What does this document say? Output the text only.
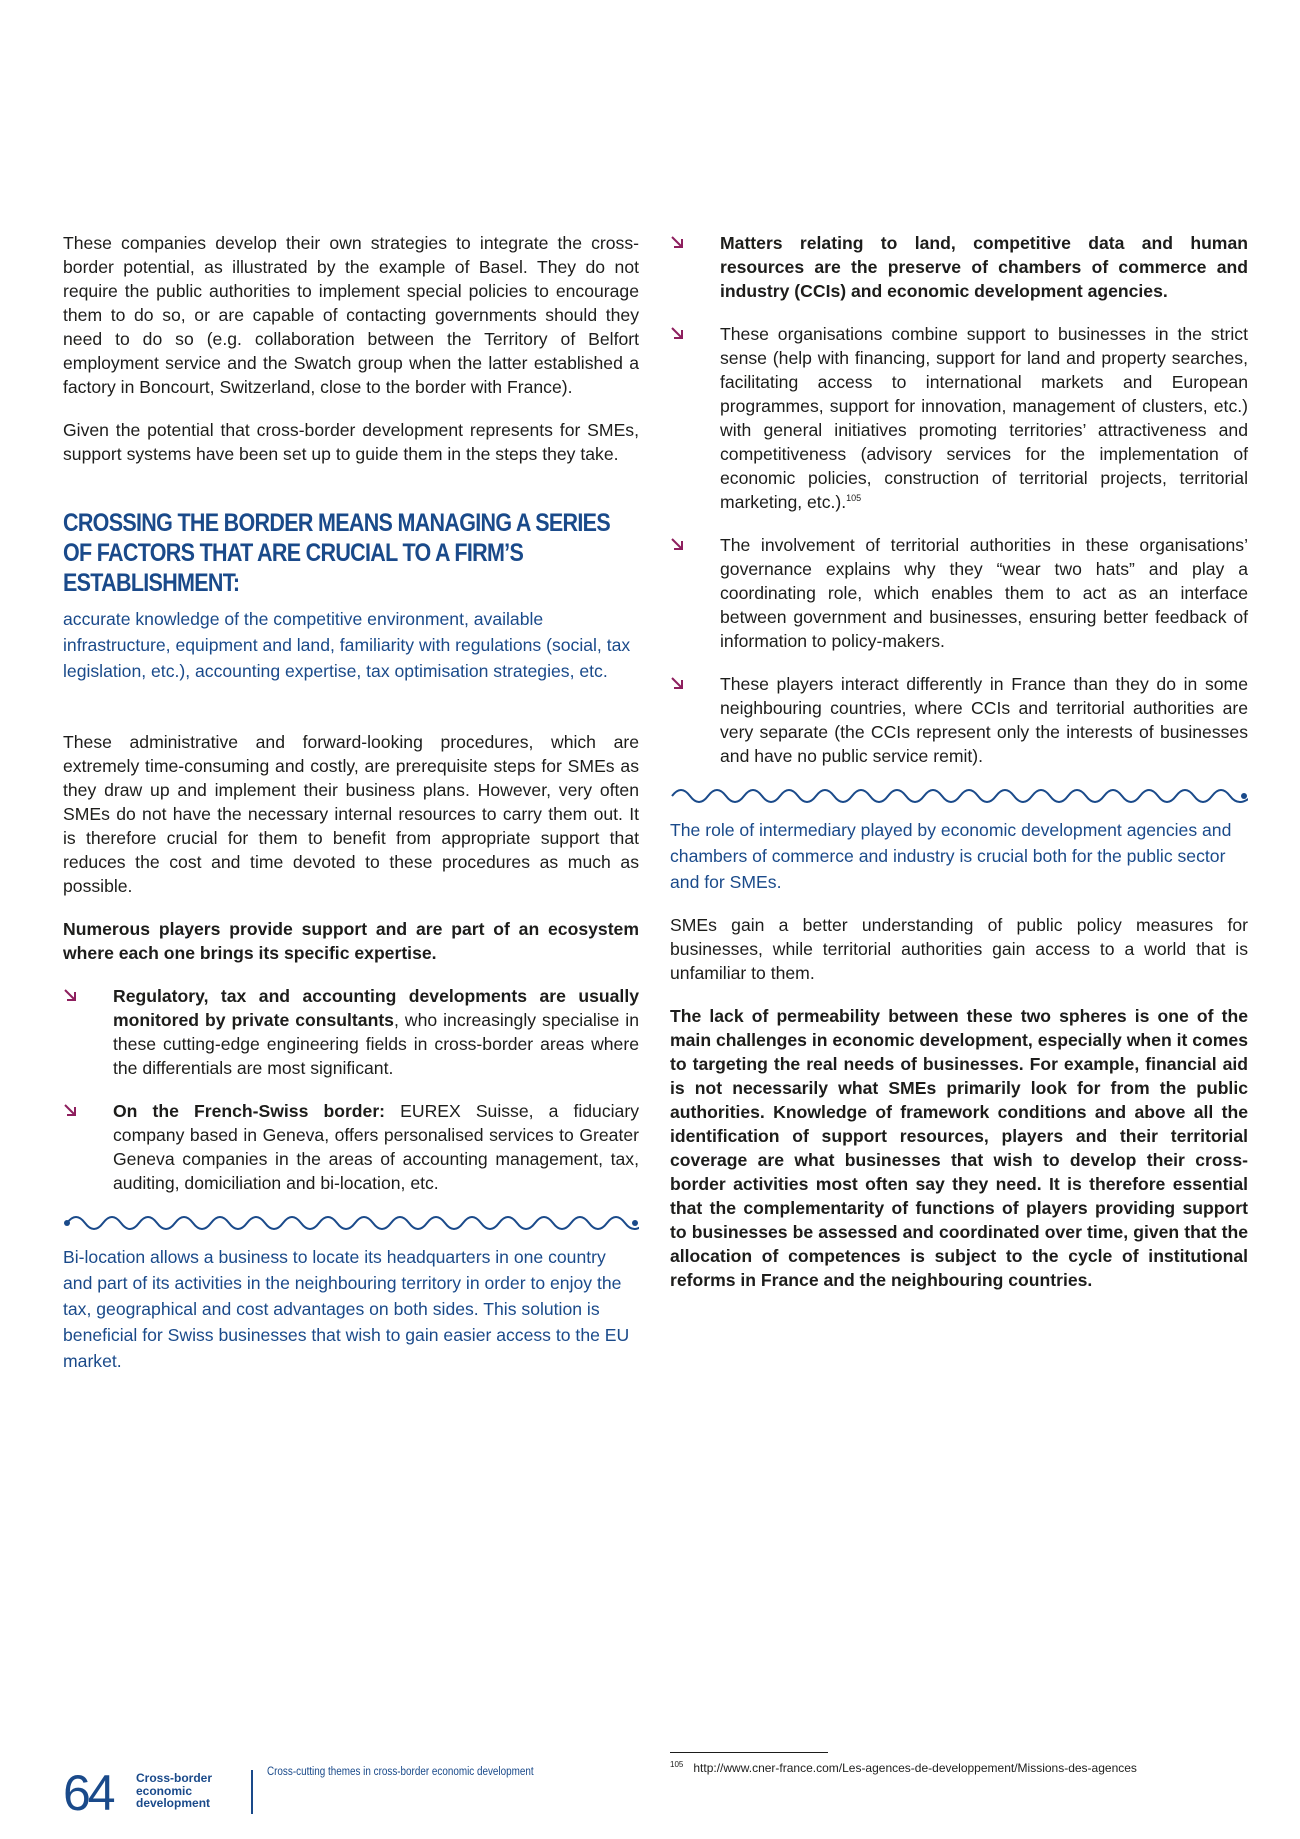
These companies develop their own strategies to integrate the cross-border potential, as illustrated by the example of Basel. They do not require the public authorities to implement special policies to encourage them to do so, or are capable of contacting governments should they need to do so (e.g. collaboration between the Territory of Belfort employment service and the Swatch group when the latter established a factory in Boncourt, Switzerland, close to the border with France).

Given the potential that cross-border development represents for SMEs, support systems have been set up to guide them in the steps they take.

CROSSING THE BORDER MEANS MANAGING A SERIES OF FACTORS THAT ARE CRUCIAL TO A FIRM’S ESTABLISHMENT:

accurate knowledge of the competitive environment, available infrastructure, equipment and land, familiarity with regulations (social, tax legislation, etc.), accounting expertise, tax optimisation strategies, etc.

These administrative and forward-looking procedures, which are extremely time-consuming and costly, are prerequisite steps for SMEs as they draw up and implement their business plans. However, very often SMEs do not have the necessary internal resources to carry them out. It is therefore crucial for them to benefit from appropriate support that reduces the cost and time devoted to these procedures as much as possible.

Numerous players provide support and are part of an ecosystem where each one brings its specific expertise.

Regulatory, tax and accounting developments are usually monitored by private consultants, who increasingly specialise in these cutting-edge engineering fields in cross-border areas where the differentials are most significant.
On the French-Swiss border: EUREX Suisse, a fiduciary company based in Geneva, offers personalised services to Greater Geneva companies in the areas of accounting management, tax, auditing, domiciliation and bi-location, etc.

Bi-location allows a business to locate its headquarters in one country and part of its activities in the neighbouring territory in order to enjoy the tax, geographical and cost advantages on both sides. This solution is beneficial for Swiss businesses that wish to gain easier access to the EU market.

Matters relating to land, competitive data and human resources are the preserve of chambers of commerce and industry (CCIs) and economic development agencies.
These organisations combine support to businesses in the strict sense (help with financing, support for land and property searches, facilitating access to international markets and European programmes, support for innovation, management of clusters, etc.) with general initiatives promoting territories’ attractiveness and competitiveness (advisory services for the implementation of economic policies, construction of territorial projects, territorial marketing, etc.).$^{105}$
The involvement of territorial authorities in these organisations’ governance explains why they “wear two hats” and play a coordinating role, which enables them to act as an interface between government and businesses, ensuring better feedback of information to policy-makers.
These players interact differently in France than they do in some neighbouring countries, where CCIs and territorial authorities are very separate (the CCIs represent only the interests of businesses and have no public service remit).

The role of intermediary played by economic development agencies and chambers of commerce and industry is crucial both for the public sector and for SMEs.

SMEs gain a better understanding of public policy measures for businesses, while territorial authorities gain access to a world that is unfamiliar to them.

The lack of permeability between these two spheres is one of the main challenges in economic development, especially when it comes to targeting the real needs of businesses. For example, financial aid is not necessarily what SMEs primarily look for from the public authorities. Knowledge of framework conditions and above all the identification of support resources, players and their territorial coverage are what businesses that wish to develop their cross-border activities most often say they need. It is therefore essential that the complementarity of functions of players providing support to businesses be assessed and coordinated over time, given that the allocation of competences is subject to the cycle of institutional reforms in France and the neighbouring countries.

$^{105}$ http://www.cner-france.com/Les-agences-de-developpement/Missions-des-agences
64 Cross-border economic development
Cross-cutting themes in cross-border economic development
